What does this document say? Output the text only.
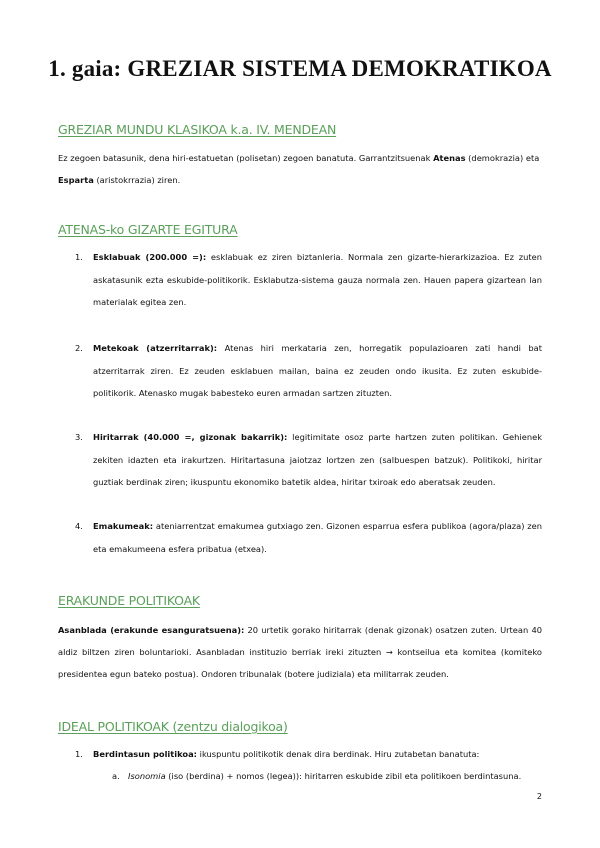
1. gaia: GREZIAR SISTEMA DEMOKRATIKOA
GREZIAR MUNDU KLASIKOA k.a. IV. MENDEAN

Ez zegoen batasunik, dena hiri-estatuetan (polisetan) zegoen banatuta. Garrantzitsuenak Atenas (demokrazia) eta Esparta (aristokrrazia) ziren.

ATENAS-ko GIZARTE EGITURA
1. Esklabuak (200.000 =): esklabuak ez ziren biztanleria. Normala zen gizarte-hierarkizazioa. Ez zuten askatasunik ezta eskubide-politikorik. Esklabutza-sistema gauza normala zen. Hauen papera gizartean lan materialak egitea zen.
2. Metekoak (atzerritarrak): Atenas hiri merkataria zen, horregatik populazioaren zati handi bat atzerritarrak ziren. Ez zeuden esklabuen mailan, baina ez zeuden ondo ikusita. Ez zuten eskubide-politikorik. Atenasko mugak babesteko euren armadan sartzen zituzten.
3. Hiritarrak (40.000 =, gizonak bakarrik): legitimitate osoz parte hartzen zuten politikan. Gehienek zekiten idazten eta irakurtzen. Hiritartasuna jaiotzaz lortzen zen (salbuespen batzuk). Politikoki, hiritar guztiak berdinak ziren; ikuspuntu ekonomiko batetik aldea, hiritar txiroak edo aberatsak zeuden.
4. Emakumeak: ateniarrentzat emakumea gutxiago zen. Gizonen esparrua esfera publikoa (agora/plaza) zen eta emakumeena esfera pribatua (etxea).
ERAKUNDE POLITIKOAK

Asanblada (erakunde esanguratsuena): 20 urtetik gorako hiritarrak (denak gizonak) osatzen zuten. Urtean 40 aldiz biltzen ziren boluntarioki. Asanbladan instituzio berriak ireki zituzten → kontseilua eta komitea (komiteko presidentea egun bateko postua). Ondoren tribunalak (botere judiziala) eta militarrak zeuden.

IDEAL POLITIKOAK (zentzu dialogikoa)
1. Berdintasun politikoa: ikuspuntu politikotik denak dira berdinak. Hiru zutabetan banatuta:
a. Isonomia (iso (berdina) + nomos (legea)): hiritarren eskubide zibil eta politikoen berdintasuna.
2
